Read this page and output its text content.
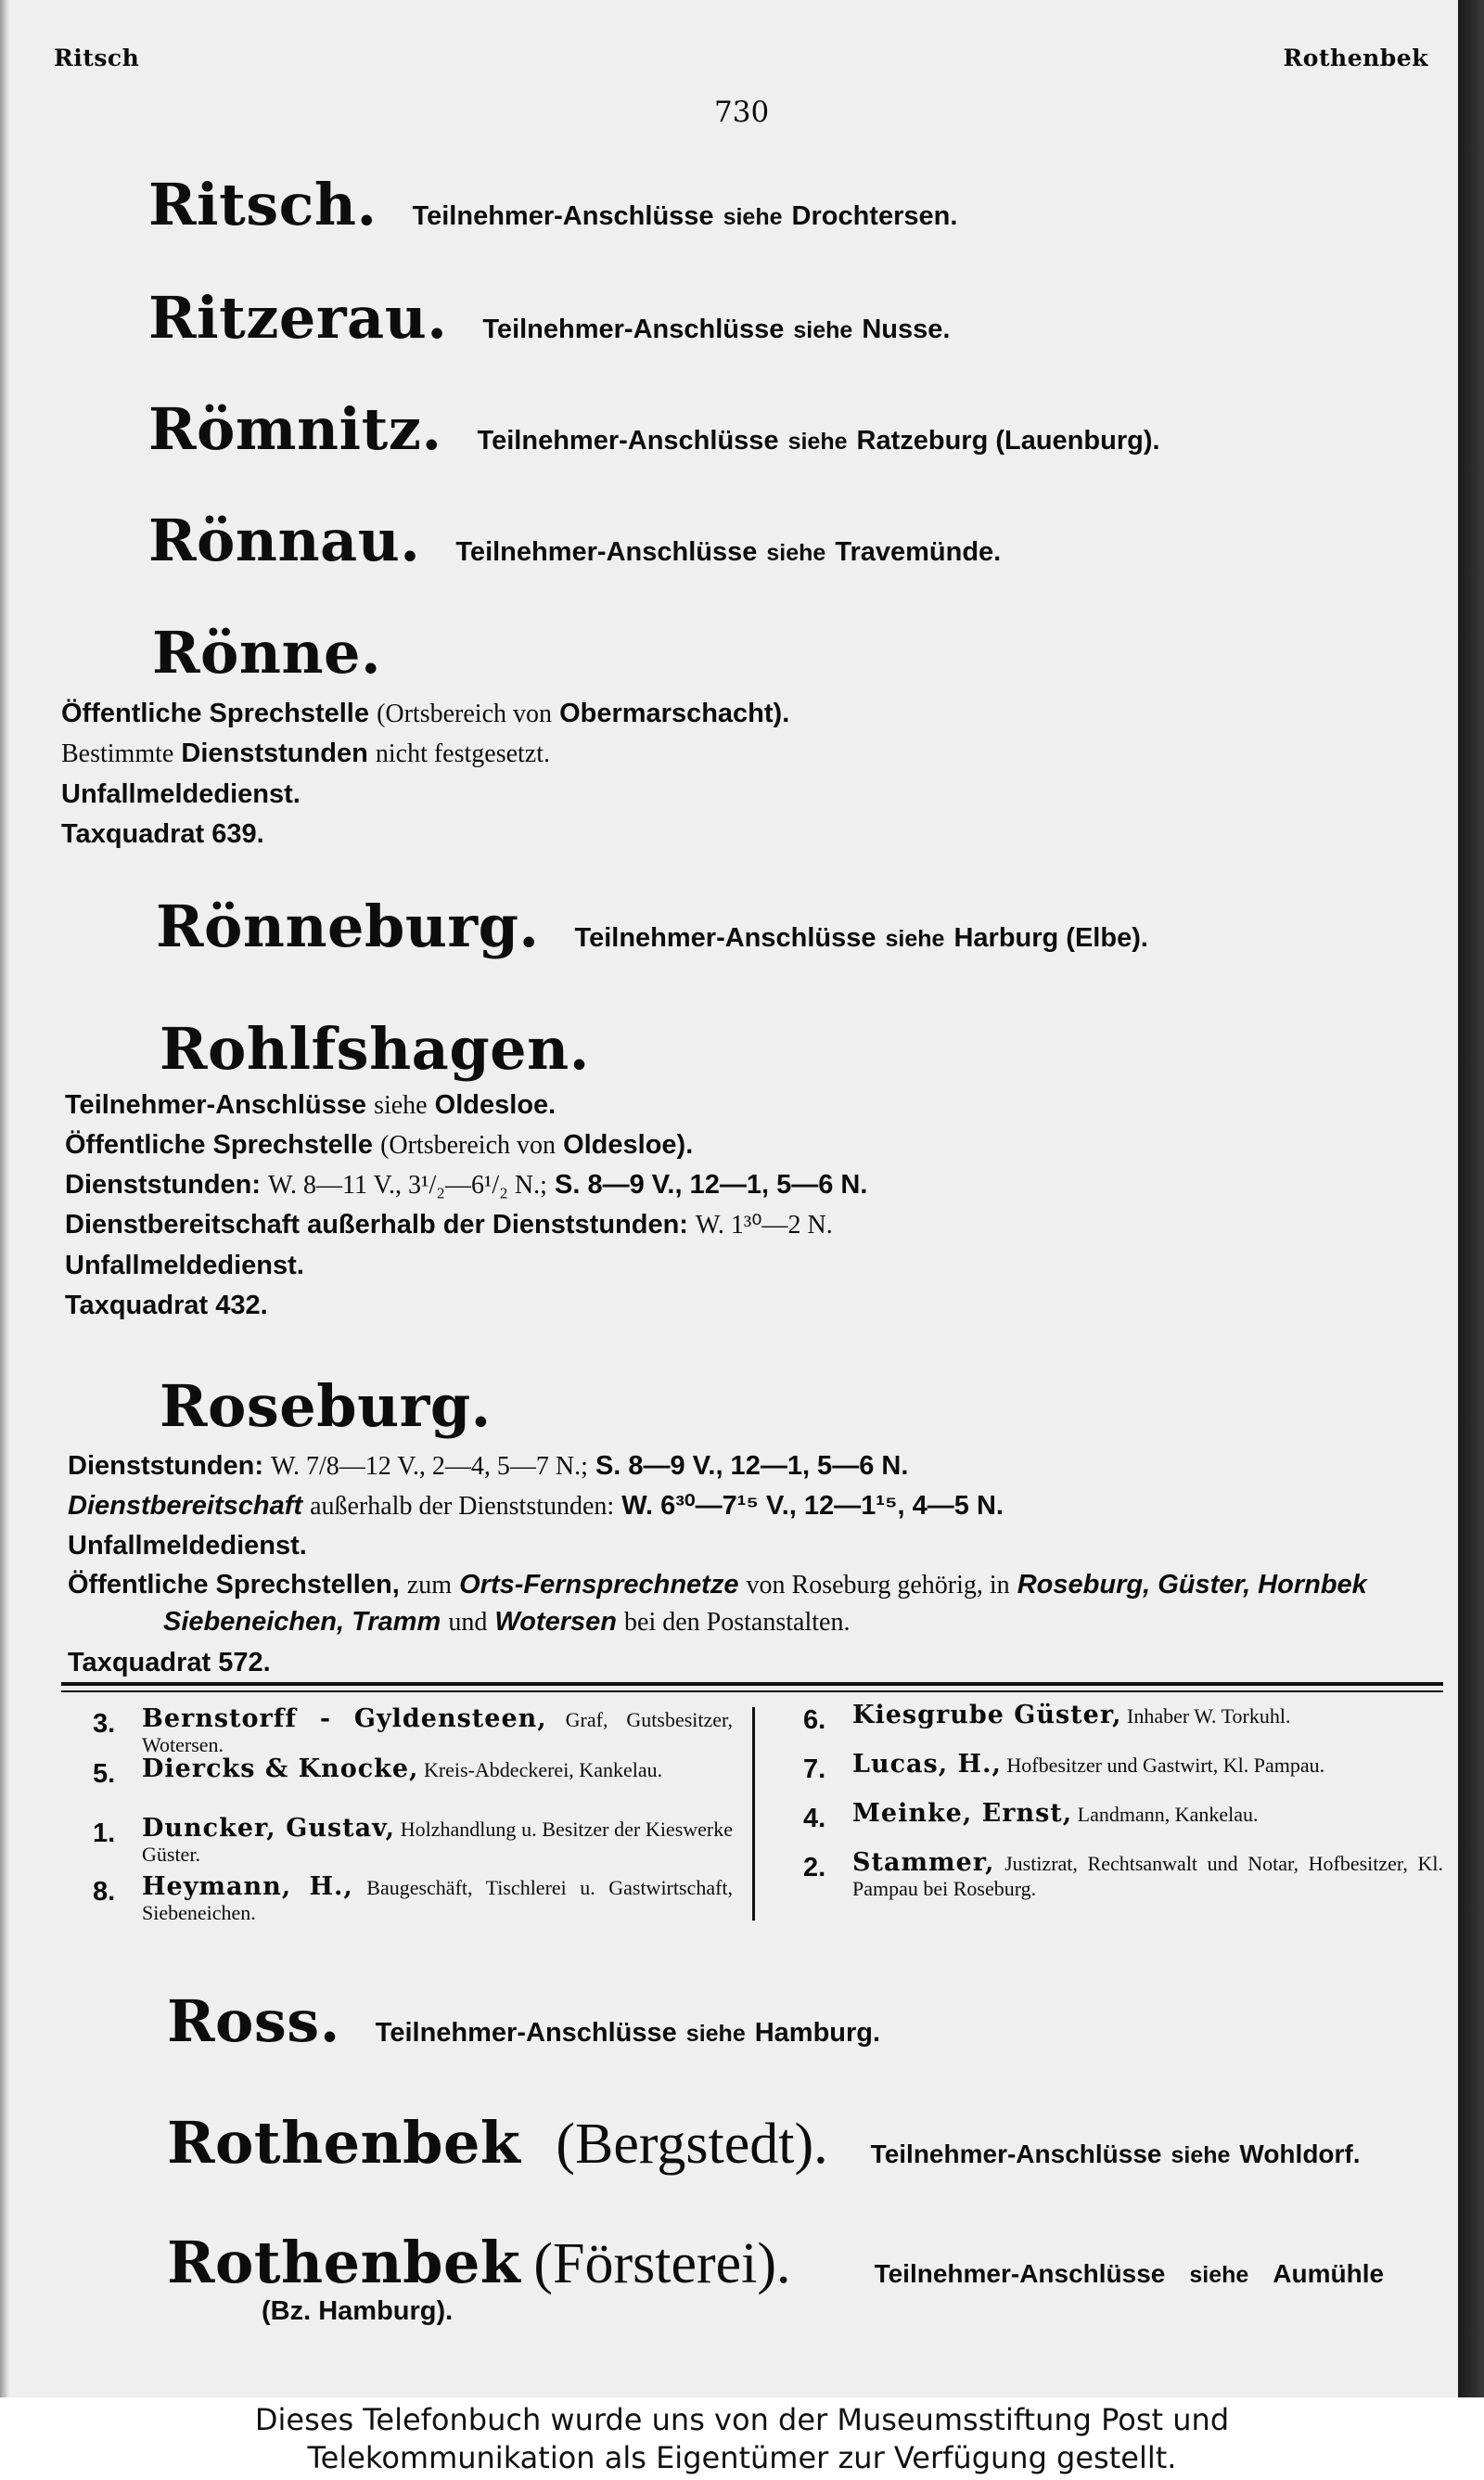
Ritsch	Rothenbek
730
Ritsch. Teilnehmer-Anschlüsse siehe Drochtersen.
Ritzerau. Teilnehmer-Anschlüsse siehe Nusse.
Römnitz. Teilnehmer-Anschlüsse siehe Ratzeburg (Lauenburg).
Rönnau. Teilnehmer-Anschlüsse siehe Travemünde.
Rönne.
Öffentliche Sprechstelle (Ortsbereich von Obermarschacht).
Bestimmte Dienststunden nicht festgesetzt.
Unfallmeldedienst.
Taxquadrat 639.
Rönneburg. Teilnehmer-Anschlüsse siehe Harburg (Elbe).
Rohlfshagen.
Teilnehmer-Anschlüsse siehe Oldesloe.
Öffentliche Sprechstelle (Ortsbereich von Oldesloe).
Dienststunden: W. 8—11 V., 3¹/₂—6¹/₂ N.; S. 8—9 V., 12—1, 5—6 N.
Dienstbereitschaft außerhalb der Dienststunden: W. 1³⁰—2 N.
Unfallmeldedienst.
Taxquadrat 432.
Roseburg.
Dienststunden: W. 7/8—12 V., 2—4, 5—7 N.; S. 8—9 V., 12—1, 5—6 N.
Dienstbereitschaft außerhalb der Dienststunden: W. 6³⁰—7¹⁵ V., 12—1¹⁵, 4—5 N.
Unfallmeldedienst.
Öffentliche Sprechstellen, zum Orts-Fernsprechnetze von Roseburg gehörig, in Roseburg, Güster, Hornbek
Siebeneichen, Tramm und Wotersen bei den Postanstalten.
Taxquadrat 572.
3. Bernstorff - Gyldensteen, Graf, Gutsbesitzer, Wotersen.
5. Diercks & Knocke, Kreis-Abdeckerei, Kankelau.
1. Duncker, Gustav, Holzhandlung u. Besitzer der Kieswerke Güster.
8. Heymann, H., Baugeschäft, Tischlerei u. Gastwirtschaft, Siebeneichen.
6. Kiesgrube Güster, Inhaber W. Torkuhl.
7. Lucas, H., Hofbesitzer und Gastwirt, Kl. Pampau.
4. Meinke, Ernst, Landmann, Kankelau.
2. Stammer, Justizrat, Rechtsanwalt und Notar, Hofbesitzer, Kl. Pampau bei Roseburg.
Ross. Teilnehmer-Anschlüsse siehe Hamburg.
Rothenbek (Bergstedt). Teilnehmer-Anschlüsse siehe Wohldorf.
Rothenbek (Försterei).	Teilnehmer-Anschlüsse siehe Aumühle
(Bz. Hamburg).
Dieses Telefonbuch wurde uns von der Museumsstiftung Post und
Telekommunikation als Eigentümer zur Verfügung gestellt.
